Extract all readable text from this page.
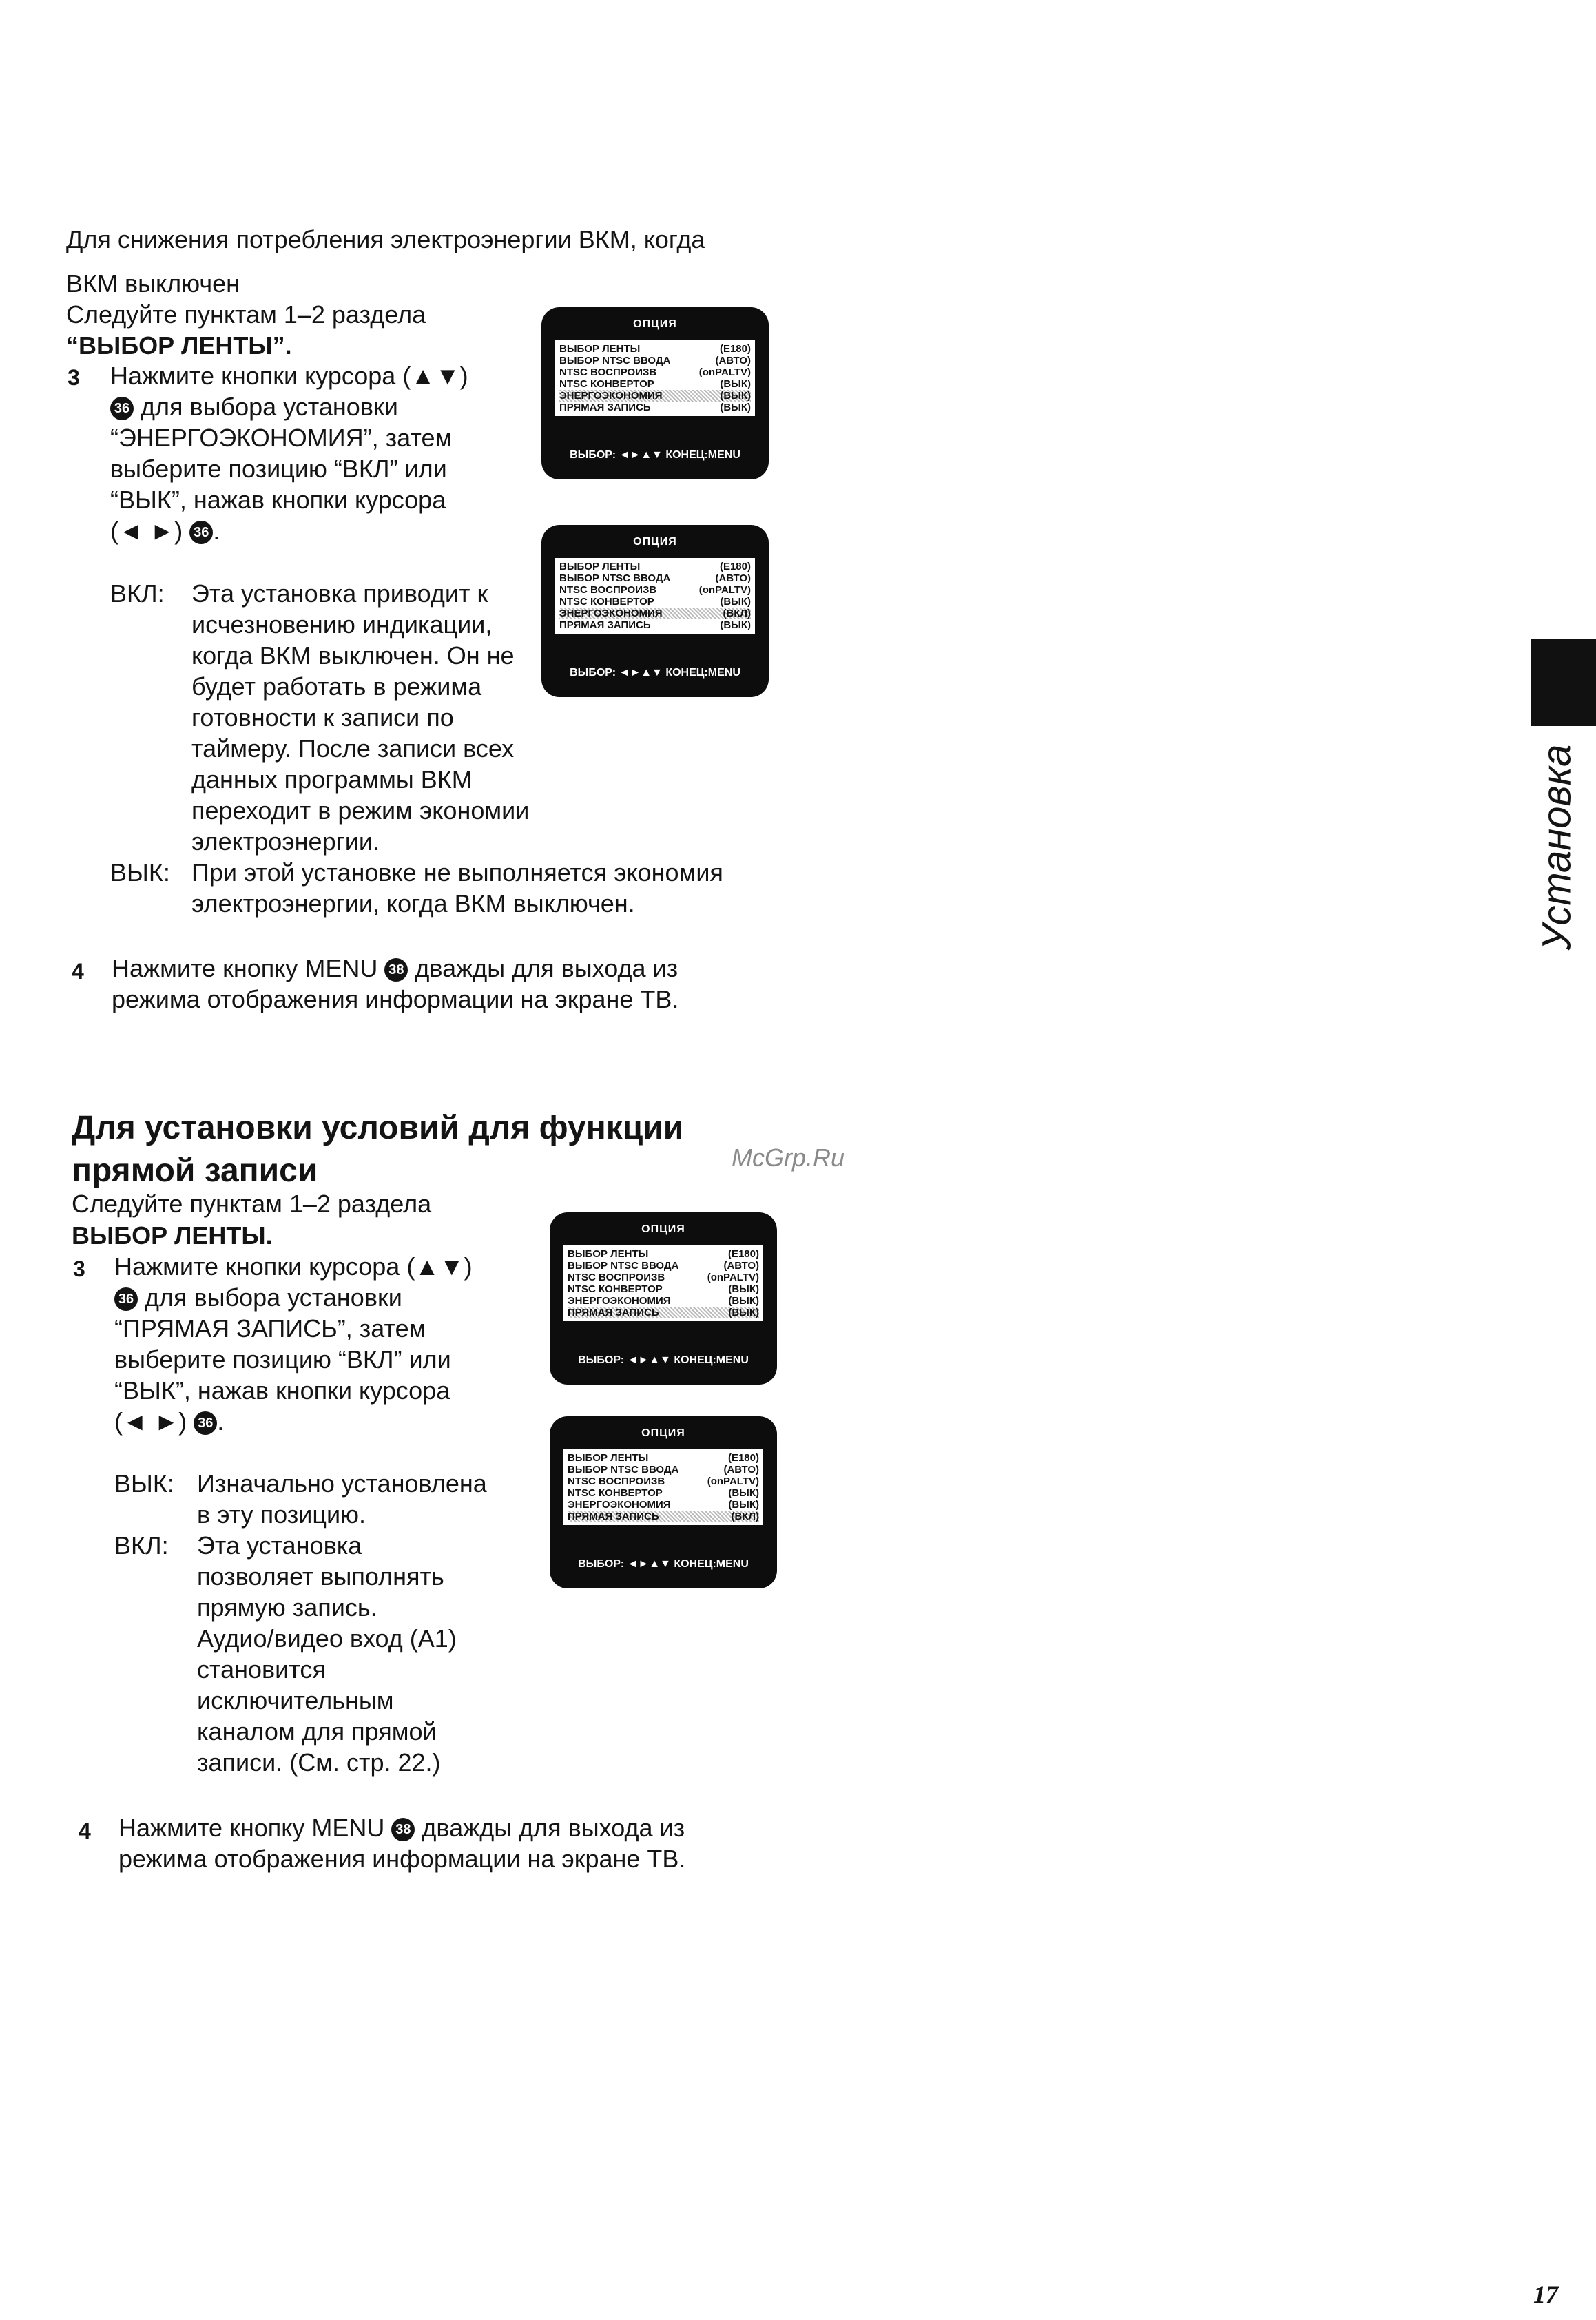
Для снижения потребления электроэнергии ВКМ, когда
ВКМ выключен
Следуйте пунктам 1–2 раздела
“ВЫБОР ЛЕНТЫ”.
3 Нажмите кнопки курсора (▲▼)
36 для выбора установки
“ЭНЕРГОЭКОНОМИЯ”, затем
выберите позицию “ВКЛ” или
“ВЫК”, нажав кнопки курсора
(◄ ►) 36 .
ВКЛ: Эта установка приводит к
исчезновению индикации,
когда ВКМ выключен. Он не
будет работать в режима
готовности к записи по
таймеру. После записи всех
данных программы ВКМ
переходит в режим экономии
электроэнергии.
ВЫК: При этой установке не выполняется экономия
электроэнергии, когда ВКМ выключен.
4 Нажмите кнопку MENU 38 дважды для выхода из
режима отображения информации на экране ТВ.
Для установки условий для функции
прямой записи	McGrp.Ru
Следуйте пунктам 1–2 раздела
ВЫБОР ЛЕНТЫ.
3 Нажмите кнопки курсора (▲▼)
36 для выбора установки
“ПРЯМАЯ ЗАПИСЬ”, затем
выберите позицию “ВКЛ” или
“ВЫК”, нажав кнопки курсора
(◄ ►) 36 .
ВЫК: Изначально установлена
в эту позицию.
ВКЛ: Эта установка
позволяет выполнять
прямую запись.
Аудио/видео вход (А1)
становится
исключительным
каналом для прямой
записи. (См. стр. 22.)
4 Нажмите кнопку MENU 38 дважды для выхода из
режима отображения информации на экране ТВ.
ОПЦИЯ
ВЫБОР ЛЕНТЫ	(E180)
ВЫБОР NTSC ВВОДА	(АВТО)
NTSC ВОСПРОИЗВ	(onPALTV)
NTSC КОНВЕРТОР	(ВЫК)
ЭНЕРГОЭКОНОМИЯ	(ВЫК)
ПРЯМАЯ ЗАПИСЬ	(ВЫК)
ВЫБОР: ◄►▲▼ КОНЕЦ:MENU
ОПЦИЯ
ВЫБОР ЛЕНТЫ	(E180)
ВЫБОР NTSC ВВОДА	(АВТО)
NTSC ВОСПРОИЗВ	(onPALTV)
NTSC КОНВЕРТОР	(ВЫК)
ЭНЕРГОЭКОНОМИЯ	(ВКЛ)
ПРЯМАЯ ЗАПИСЬ	(ВЫК)
ВЫБОР: ◄►▲▼ КОНЕЦ:MENU
ОПЦИЯ
ВЫБОР ЛЕНТЫ	(E180)
ВЫБОР NTSC ВВОДА	(АВТО)
NTSC ВОСПРОИЗВ	(onPALTV)
NTSC КОНВЕРТОР	(ВЫК)
ЭНЕРГОЭКОНОМИЯ	(ВЫК)
ПРЯМАЯ ЗАПИСЬ	(ВЫК)
ВЫБОР: ◄►▲▼ КОНЕЦ:MENU
ОПЦИЯ
ВЫБОР ЛЕНТЫ	(E180)
ВЫБОР NTSC ВВОДА	(АВТО)
NTSC ВОСПРОИЗВ	(onPALTV)
NTSC КОНВЕРТОР	(ВЫК)
ЭНЕРГОЭКОНОМИЯ	(ВЫК)
ПРЯМАЯ ЗАПИСЬ	(ВКЛ)
ВЫБОР: ◄►▲▼ КОНЕЦ:MENU
Установка
17
